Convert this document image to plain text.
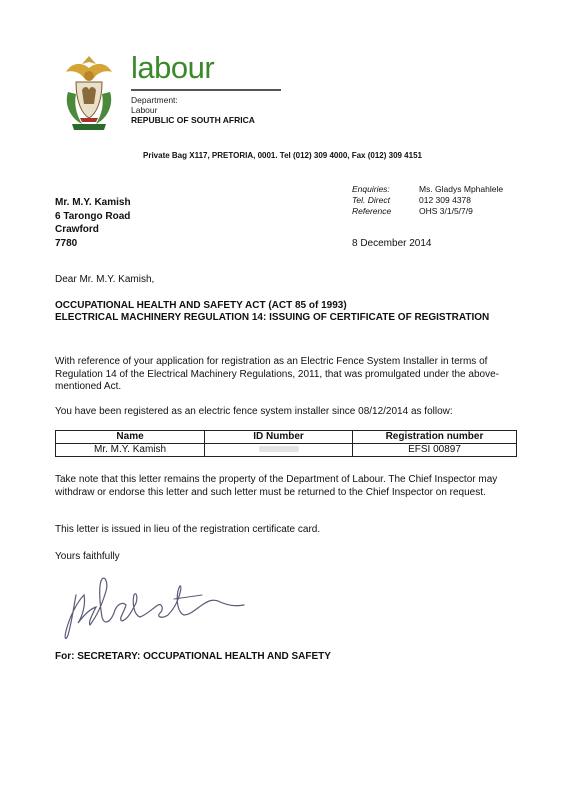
labour
Department:
Labour
REPUBLIC OF SOUTH AFRICA
Private Bag X117, PRETORIA, 0001. Tel (012) 309 4000, Fax (012) 309 4151
Mr. M.Y. Kamish
6 Tarongo Road
Crawford
7780
Enquiries:	Ms. Gladys Mphahlele
Tel. Direct	012 309 4378
Reference	OHS 3/1/5/7/9
8 December 2014
Dear Mr. M.Y. Kamish,
OCCUPATIONAL HEALTH AND SAFETY ACT (ACT 85 of 1993)
ELECTRICAL MACHINERY REGULATION 14: ISSUING OF CERTIFICATE OF REGISTRATION
With reference of your application for registration as an Electric Fence System Installer in terms of Regulation 14 of the Electrical Machinery Regulations, 2011, that was promulgated under the above-mentioned Act.
You have been registered as an electric fence system installer since 08/12/2014 as follow:
Name	ID Number	Registration number
Mr. M.Y. Kamish		EFSI 00897
Take note that this letter remains the property of the Department of Labour. The Chief Inspector may withdraw or endorse this letter and such letter must be returned to the Chief Inspector on request.
This letter is issued in lieu of the registration certificate card.
Yours faithfully
For: SECRETARY: OCCUPATIONAL HEALTH AND SAFETY
